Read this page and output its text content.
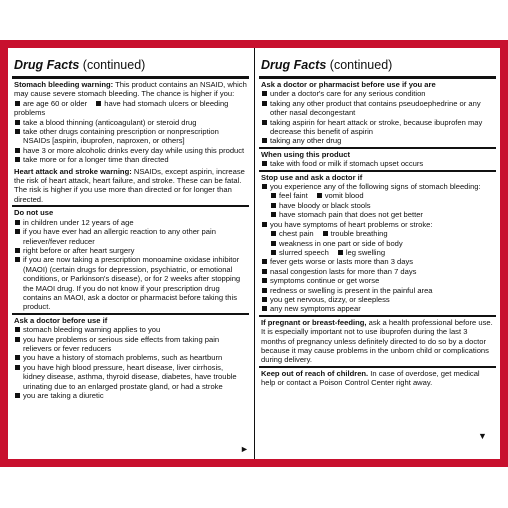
Drug Facts (continued)
Stomach bleeding warning: This product contains an NSAID, which may cause severe stomach bleeding. The chance is higher if you:
are age 60 or older have had stomach ulcers or bleeding problems
take a blood thinning (anticoagulant) or steroid drug
take other drugs containing prescription or nonprescription NSAIDs [aspirin, ibuprofen, naproxen, or others]
have 3 or more alcoholic drinks every day while using this product
take more or for a longer time than directed
Heart attack and stroke warning: NSAIDs, except aspirin, increase the risk of heart attack, heart failure, and stroke. These can be fatal. The risk is higher if you use more than directed or for longer than directed.
Do not use
in children under 12 years of age
if you have ever had an allergic reaction to any other pain reliever/fever reducer
right before or after heart surgery
if you are now taking a prescription monoamine oxidase inhibitor (MAOI) (certain drugs for depression, psychiatric, or emotional conditions, or Parkinson's disease), or for 2 weeks after stopping the MAOI drug. If you do not know if your prescription drug contains an MAOI, ask a doctor or pharmacist before taking this product.
Ask a doctor before use if
stomach bleeding warning applies to you
you have problems or serious side effects from taking pain relievers or fever reducers
you have a history of stomach problems, such as heartburn
you have high blood pressure, heart disease, liver cirrhosis, kidney disease, asthma, thyroid disease, diabetes, have trouble urinating due to an enlarged prostate gland, or had a stroke
you are taking a diuretic
►
Drug Facts (continued)
Ask a doctor or pharmacist before use if you are
under a doctor's care for any serious condition
taking any other product that contains pseudoephedrine or any other nasal decongestant
taking aspirin for heart attack or stroke, because ibuprofen may decrease this benefit of aspirin
taking any other drug
When using this product
take with food or milk if stomach upset occurs
Stop use and ask a doctor if
you experience any of the following signs of stomach bleeding:
feel faint vomit blood
have bloody or black stools
have stomach pain that does not get better
you have symptoms of heart problems or stroke:
chest pain trouble breathing
weakness in one part or side of body
slurred speech leg swelling
fever gets worse or lasts more than 3 days
nasal congestion lasts for more than 7 days
symptoms continue or get worse
redness or swelling is present in the painful area
you get nervous, dizzy, or sleepless
any new symptoms appear
If pregnant or breast-feeding, ask a health professional before use. It is especially important not to use ibuprofen during the last 3 months of pregnancy unless definitely directed to do so by a doctor because it may cause problems in the unborn child or complications during delivery.
Keep out of reach of children. In case of overdose, get medical help or contact a Poison Control Center right away.
▼
